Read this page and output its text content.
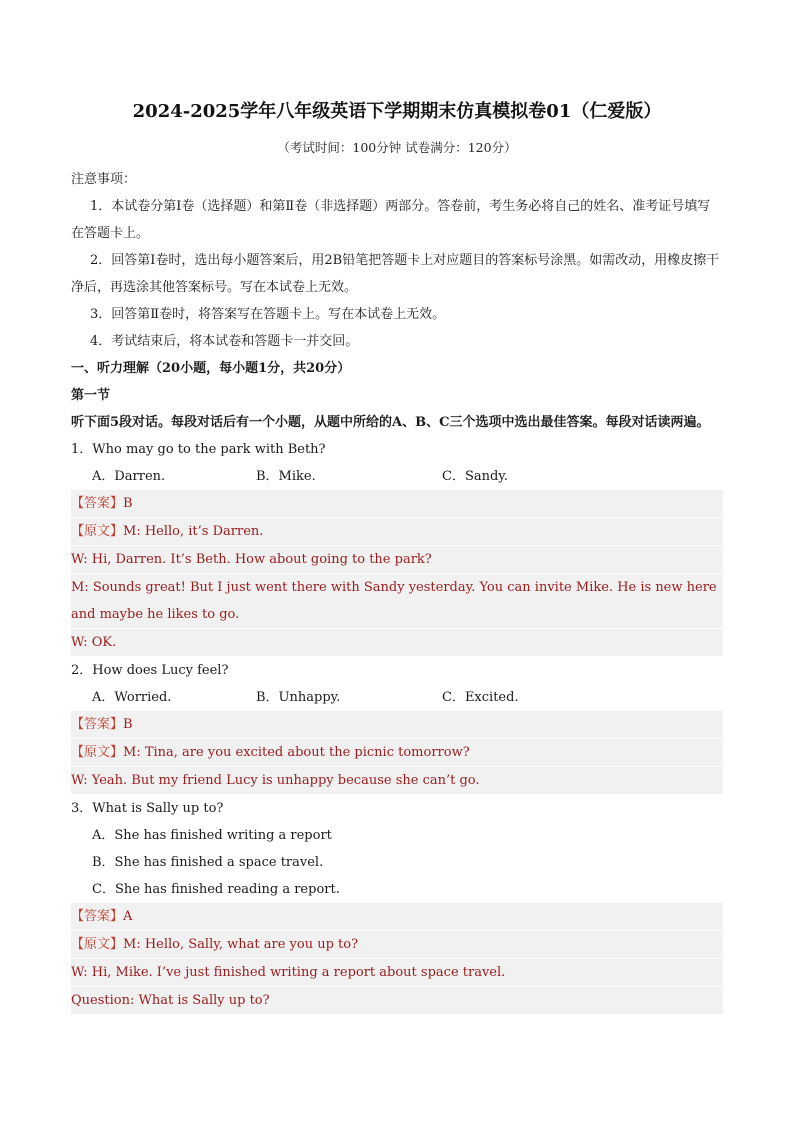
2024-2025学年八年级英语下学期期末仿真模拟卷01（仁爱版）
（考试时间：100分钟 试卷满分：120分）
注意事项：
1．本试卷分第Ⅰ卷（选择题）和第Ⅱ卷（非选择题）两部分。答卷前，考生务必将自己的姓名、准考证号填写在答题卡上。
2．回答第Ⅰ卷时，选出每小题答案后，用2B铅笔把答题卡上对应题目的答案标号涂黑。如需改动，用橡皮擦干净后，再选涂其他答案标号。写在本试卷上无效。
3．回答第Ⅱ卷时，将答案写在答题卡上。写在本试卷上无效。
4．考试结束后，将本试卷和答题卡一并交回。
一、听力理解（20小题，每小题1分，共20分）
第一节
听下面5段对话。每段对话后有一个小题，从题中所给的A、B、C三个选项中选出最佳答案。每段对话读两遍。
1．Who may go to the park with Beth?
A．Darren.	B．Mike.	C．Sandy.
【答案】B
【原文】M: Hello, it’s Darren.
W: Hi, Darren. It’s Beth. How about going to the park?
M: Sounds great! But I just went there with Sandy yesterday. You can invite Mike. He is new here and maybe he likes to go.
W: OK.
2．How does Lucy feel?
A．Worried.	B．Unhappy.	C．Excited.
【答案】B
【原文】M: Tina, are you excited about the picnic tomorrow?
W: Yeah. But my friend Lucy is unhappy because she can’t go.
3．What is Sally up to?
A．She has finished writing a report
B．She has finished a space travel.
C．She has finished reading a report.
【答案】A
【原文】M: Hello, Sally, what are you up to?
W: Hi, Mike. I’ve just finished writing a report about space travel.
Question: What is Sally up to?
